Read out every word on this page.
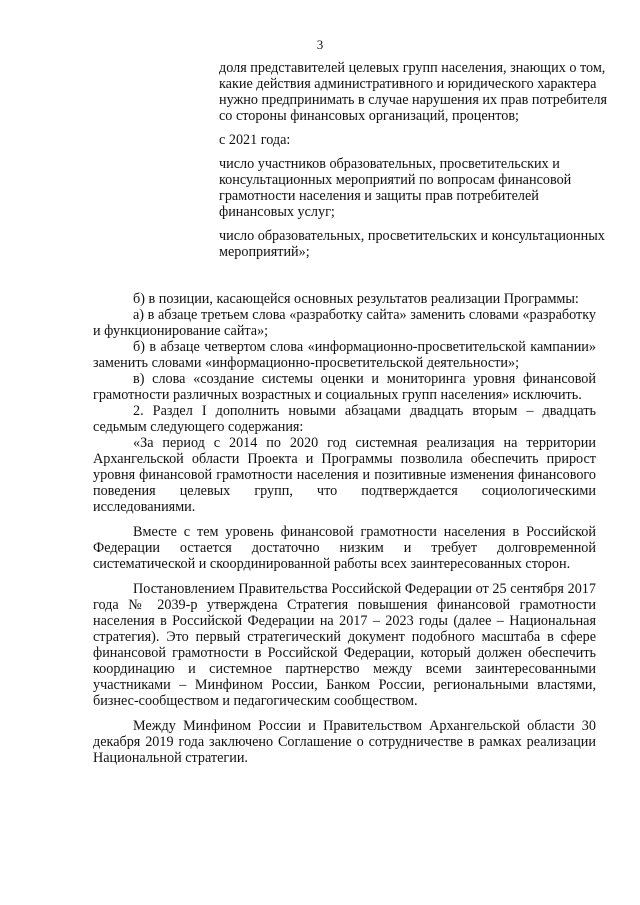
3

доля представителей целевых групп населения, знающих о том, какие действия административного и юридического характера нужно предпринимать в случае нарушения их прав потребителя со стороны финансовых организаций, процентов;

с 2021 года:

число участников образовательных, просветительских и консультационных мероприятий по вопросам финансовой грамотности населения и защиты прав потребителей финансовых услуг;

число образовательных, просветительских и консультационных мероприятий»;

б) в позиции, касающейся основных результатов реализации Программы:

а) в абзаце третьем слова «разработку сайта» заменить словами «разработку и функционирование сайта»;

б) в абзаце четвертом слова «информационно-просветительской кампании» заменить словами «информационно-просветительской деятельности»;

в) слова «создание системы оценки и мониторинга уровня финансовой грамотности различных возрастных и социальных групп населения» исключить.

2. Раздел I дополнить новыми абзацами двадцать вторым – двадцать седьмым следующего содержания:

«За период с 2014 по 2020 год системная реализация на территории Архангельской области Проекта и Программы позволила обеспечить прирост уровня финансовой грамотности населения и позитивные изменения финансового поведения целевых групп, что подтверждается социологическими исследованиями.

Вместе с тем уровень финансовой грамотности населения в Российской Федерации остается достаточно низким и требует долговременной систематической и скоординированной работы всех заинтересованных сторон.

Постановлением Правительства Российской Федерации от 25 сентября 2017 года № 2039-р утверждена Стратегия повышения финансовой грамотности населения в Российской Федерации на 2017 – 2023 годы (далее – Национальная стратегия). Это первый стратегический документ подобного масштаба в сфере финансовой грамотности в Российской Федерации, который должен обеспечить координацию и системное партнерство между всеми заинтересованными участниками – Минфином России, Банком России, региональными властями, бизнес-сообществом и педагогическим сообществом.

Между Минфином России и Правительством Архангельской области 30 декабря 2019 года заключено Соглашение о сотрудничестве в рамках реализации Национальной стратегии.
